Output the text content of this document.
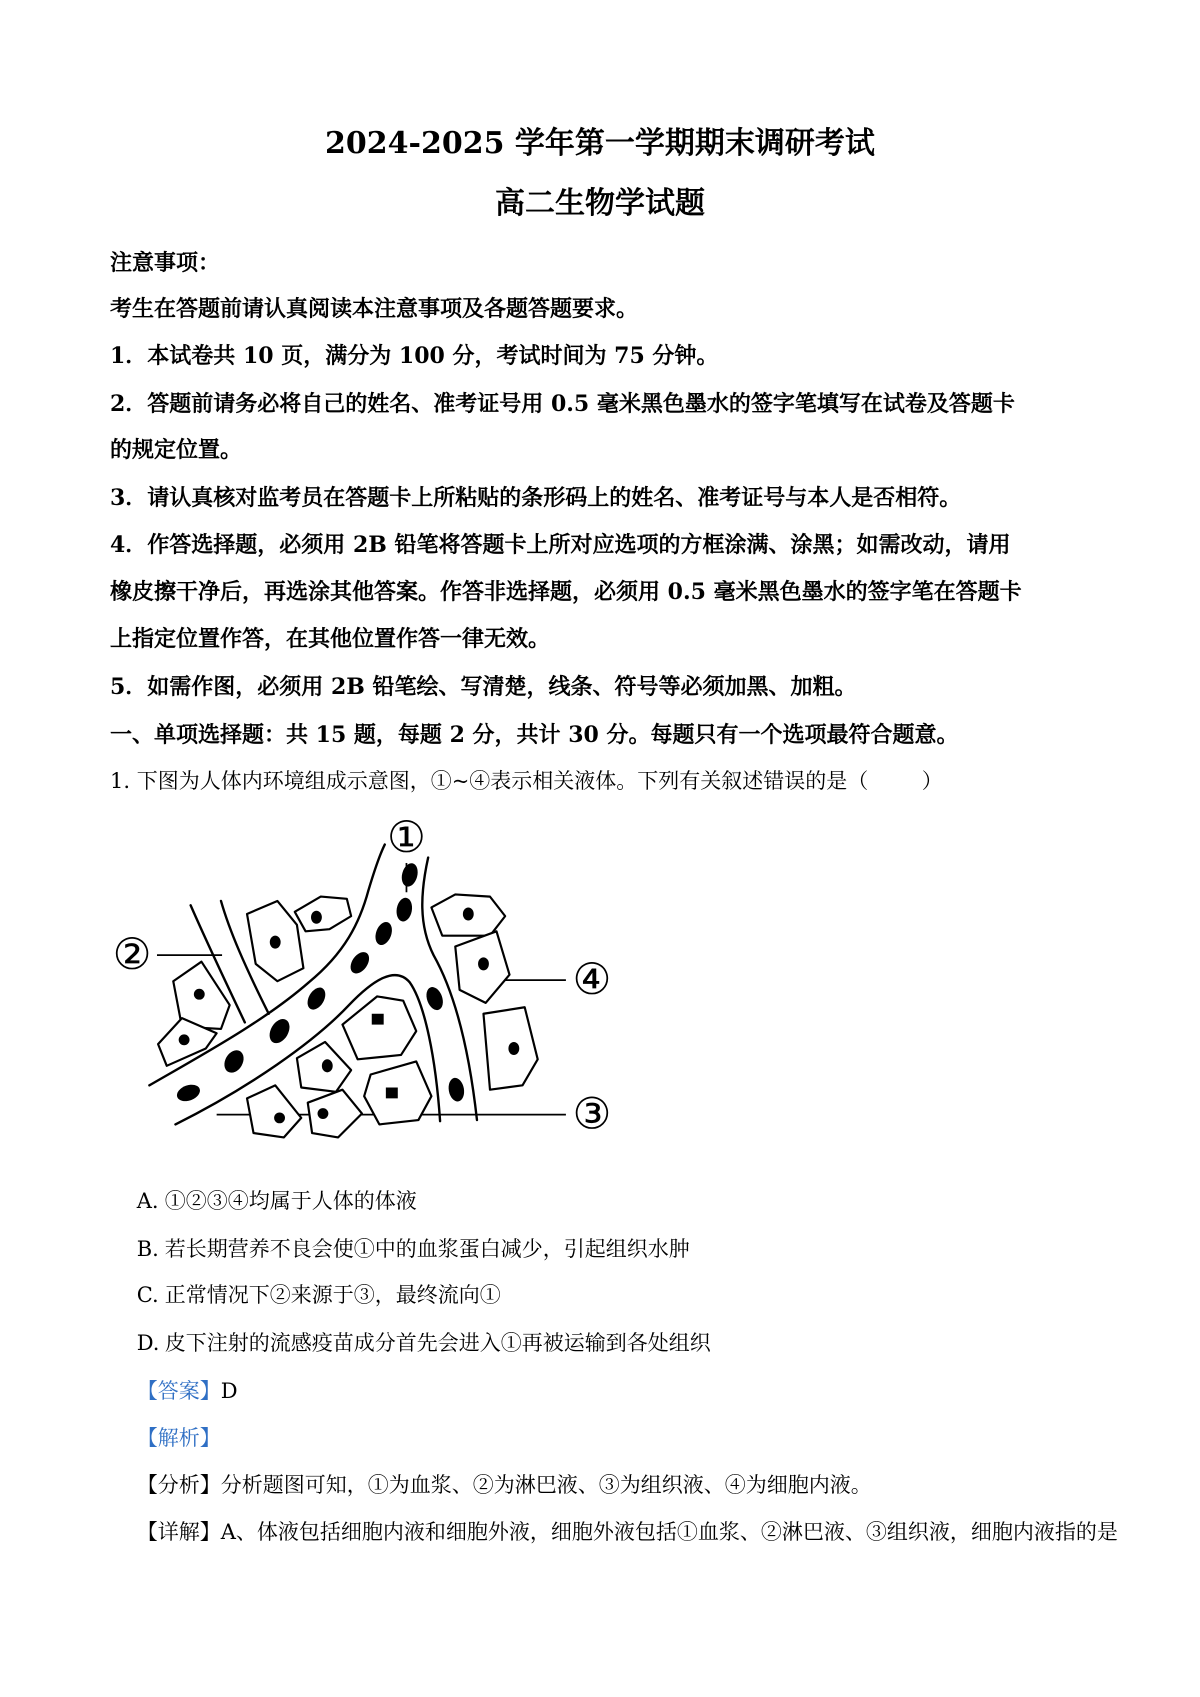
2024-2025 学年第一学期期末调研考试
高二生物学试题
注意事项：
考生在答题前请认真阅读本注意事项及各题答题要求。
1．本试卷共 10 页，满分为 100 分，考试时间为 75 分钟。
2．答题前请务必将自己的姓名、准考证号用 0.5 毫米黑色墨水的签字笔填写在试卷及答题卡
的规定位置。
3．请认真核对监考员在答题卡上所粘贴的条形码上的姓名、准考证号与本人是否相符。
4．作答选择题，必须用 2B 铅笔将答题卡上所对应选项的方框涂满、涂黑；如需改动，请用
橡皮擦干净后，再选涂其他答案。作答非选择题，必须用 0.5 毫米黑色墨水的签字笔在答题卡
上指定位置作答，在其他位置作答一律无效。
5．如需作图，必须用 2B 铅笔绘、写清楚，线条、符号等必须加黑、加粗。
一、单项选择题：共 15 题，每题 2 分，共计 30 分。每题只有一个选项最符合题意。
1. 下图为人体内环境组成示意图，①~④表示相关液体。下列有关叙述错误的是（        ）
①
②	④
③

A. ①②③④均属于人体的体液

B. 若长期营养不良会使①中的血浆蛋白减少，引起组织水肿

C. 正常情况下②来源于③，最终流向①

D. 皮下注射的流感疫苗成分首先会进入①再被运输到各处组织

【答案】D

【解析】

【分析】分析题图可知，①为血浆、②为淋巴液、③为组织液、④为细胞内液。

【详解】A、体液包括细胞内液和细胞外液，细胞外液包括①血浆、②淋巴液、③组织液，细胞内液指的是
